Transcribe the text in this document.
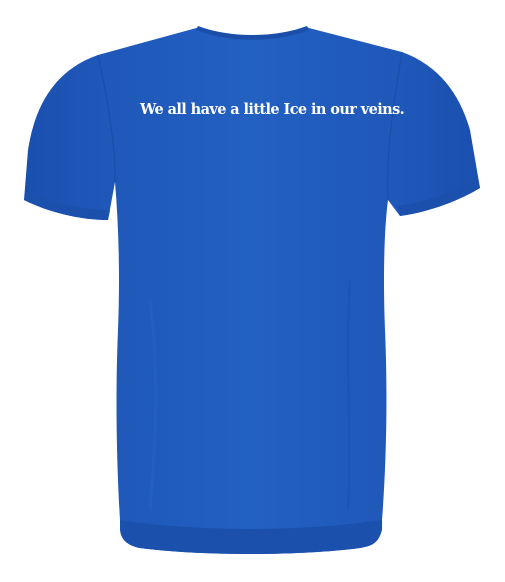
We all have a little Ice in our veins.
